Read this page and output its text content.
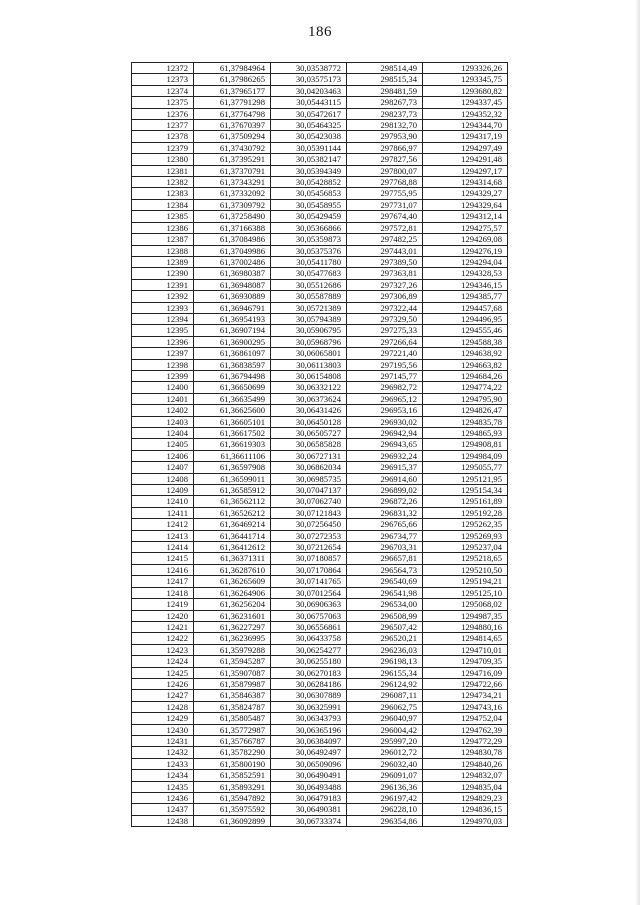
186
12372	61,37984964	30,03538772	298514,49	1293326,26
12373	61,37986265	30,03575173	298515,34	1293345,75
12374	61,37965177	30,04203463	298481,59	1293680,82
12375	61,37791298	30,05443115	298267,73	1294337,45
12376	61,37764798	30,05472617	298237,73	1294352,32
12377	61,37670397	30,05464325	298132,70	1294344,70
12378	61,37509294	30,05423038	297953,90	1294317,19
12379	61,37430792	30,05391144	297866,97	1294297,49
12380	61,37395291	30,05382147	297827,56	1294291,48
12381	61,37370791	30,05394349	297800,07	1294297,17
12382	61,37343291	30,05428852	297768,88	1294314,68
12383	61,37332092	30,05456853	297755,95	1294329,27
12384	61,37309792	30,05458955	297731,07	1294329,64
12385	61,37258490	30,05429459	297674,40	1294312,14
12386	61,37166388	30,05366866	297572,81	1294275,57
12387	61,37084986	30,05359873	297482,25	1294269,08
12388	61,37049986	30,05375376	297443,01	1294276,19
12389	61,37002486	30,05411780	297389,50	1294294,04
12390	61,36980387	30,05477683	297363,81	1294328,53
12391	61,36948087	30,05512686	297327,26	1294346,15
12392	61,36930889	30,05587889	297306,89	1294385,77
12393	61,36946791	30,05721389	297322,44	1294457,68
12394	61,36954193	30,05794389	297329,50	1294496,95
12395	61,36907194	30,05906795	297275,33	1294555,46
12396	61,36900295	30,05968796	297266,64	1294588,38
12397	61,36861097	30,06065801	297221,40	1294638,92
12398	61,36838597	30,06113803	297195,56	1294663,82
12399	61,36794498	30,06154808	297145,77	1294684,26
12400	61,36650699	30,06332122	296982,72	1294774,22
12401	61,36635499	30,06373624	296965,12	1294795,90
12402	61,36625600	30,06431426	296953,16	1294826,47
12403	61,36605101	30,06450128	296930,02	1294835,78
12404	61,36617502	30,06505727	296942,94	1294865,93
12405	61,36619303	30,06585828	296943,65	1294908,81
12406	61,36611106	30,06727131	296932,24	1294984,09
12407	61,36597908	30,06862034	296915,37	1295055,77
12408	61,36599011	30,06985735	296914,60	1295121,95
12409	61,36585912	30,07047137	296899,02	1295154,34
12410	61,36562112	30,07062740	296872,26	1295161,89
12411	61,36526212	30,07121843	296831,32	1295192,28
12412	61,36469214	30,07256450	296765,66	1295262,35
12413	61,36441714	30,07272353	296734,77	1295269,93
12414	61,36412612	30,07212654	296703,31	1295237,04
12415	61,36371311	30,07180857	296657,81	1295218,65
12416	61,36287610	30,07170864	296564,73	1295210,50
12417	61,36265609	30,07141765	296540,69	1295194,21
12418	61,36264906	30,07012564	296541,98	1295125,10
12419	61,36256204	30,06906363	296534,00	1295068,02
12420	61,36231601	30,06757063	296508,99	1294987,35
12421	61,36227297	30,06556861	296507,42	1294880,16
12422	61,36236995	30,06433758	296520,21	1294814,65
12423	61,35979288	30,06254277	296236,03	1294710,01
12424	61,35945287	30,06255180	296198,13	1294709,35
12425	61,35907087	30,06270183	296155,34	1294716,09
12426	61,35879987	30,06284186	296124,92	1294722,66
12427	61,35846387	30,06307889	296087,11	1294734,21
12428	61,35824787	30,06325991	296062,75	1294743,16
12429	61,35805487	30,06343793	296040,97	1294752,04
12430	61,35772987	30,06365196	296004,42	1294762,39
12431	61,35766787	30,06384097	295997,20	1294772,29
12432	61,35782290	30,06492497	296012,72	1294830,78
12433	61,35800190	30,06509096	296032,40	1294840,26
12434	61,35852591	30,06490491	296091,07	1294832,07
12435	61,35893291	30,06493488	296136,36	1294835,04
12436	61,35947892	30,06479183	296197,42	1294829,23
12437	61,35975592	30,06490381	296228,10	1294836,15
12438	61,36092899	30,06733374	296354,86	1294970,03
